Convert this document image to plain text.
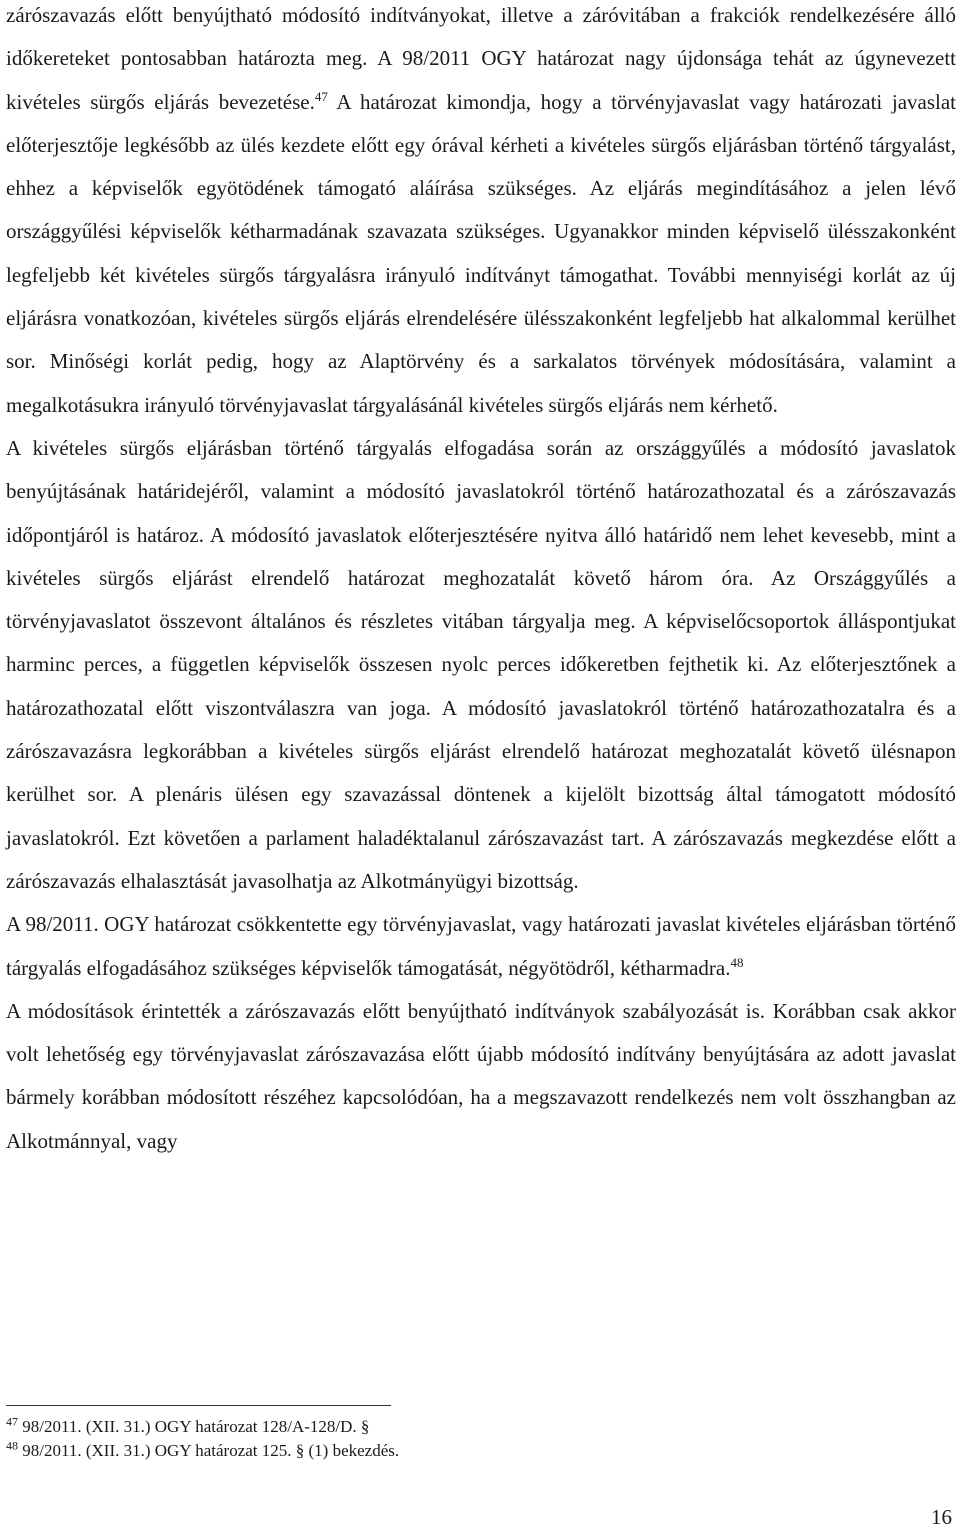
zárószavazás előtt benyújtható módosító indítványokat, illetve a záróvitában a frakciók rendelkezésére álló időkereteket pontosabban határozta meg. A 98/2011 OGY határozat nagy újdonsága tehát az úgynevezett kivételes sürgős eljárás bevezetése.$^{47}$ A határozat kimondja, hogy a törvényjavaslat vagy határozati javaslat előterjesztője legkésőbb az ülés kezdete előtt egy órával kérheti a kivételes sürgős eljárásban történő tárgyalást, ehhez a képviselők egyötödének támogató aláírása szükséges. Az eljárás megindításához a jelen lévő országgyűlési képviselők kétharmadának szavazata szükséges. Ugyanakkor minden képviselő ülésszakonként legfeljebb két kivételes sürgős tárgyalásra irányuló indítványt támogathat. További mennyiségi korlát az új eljárásra vonatkozóan, kivételes sürgős eljárás elrendelésére ülésszakonként legfeljebb hat alkalommal kerülhet sor. Minőségi korlát pedig, hogy az Alaptörvény és a sarkalatos törvények módosítására, valamint a megalkotásukra irányuló törvényjavaslat tárgyalásánál kivételes sürgős eljárás nem kérhető.

A kivételes sürgős eljárásban történő tárgyalás elfogadása során az országgyűlés a módosító javaslatok benyújtásának határidejéről, valamint a módosító javaslatokról történő határozathozatal és a zárószavazás időpontjáról is határoz. A módosító javaslatok előterjesztésére nyitva álló határidő nem lehet kevesebb, mint a kivételes sürgős eljárást elrendelő határozat meghozatalát követő három óra. Az Országgyűlés a törvényjavaslatot összevont általános és részletes vitában tárgyalja meg. A képviselőcsoportok álláspontjukat harminc perces, a független képviselők összesen nyolc perces időkeretben fejthetik ki. Az előterjesztőnek a határozathozatal előtt viszontválaszra van joga. A módosító javaslatokról történő határozathozatalra és a zárószavazásra legkorábban a kivételes sürgős eljárást elrendelő határozat meghozatalát követő ülésnapon kerülhet sor. A plenáris ülésen egy szavazással döntenek a kijelölt bizottság által támogatott módosító javaslatokról. Ezt követően a parlament haladéktalanul zárószavazást tart. A zárószavazás megkezdése előtt a zárószavazás elhalasztását javasolhatja az Alkotmányügyi bizottság.

A 98/2011. OGY határozat csökkentette egy törvényjavaslat, vagy határozati javaslat kivételes eljárásban történő tárgyalás elfogadásához szükséges képviselők támogatását, négyötödről, kétharmadra.$^{48}$

A módosítások érintették a zárószavazás előtt benyújtható indítványok szabályozását is. Korábban csak akkor volt lehetőség egy törvényjavaslat zárószavazása előtt újabb módosító indítvány benyújtására az adott javaslat bármely korábban módosított részéhez kapcsolódóan, ha a megszavazott rendelkezés nem volt összhangban az Alkotmánnyal, vagy

$^{47}$ 98/2011. (XII. 31.) OGY határozat 128/A-128/D. §

$^{48}$ 98/2011. (XII. 31.) OGY határozat 125. § (1) bekezdés.

16
